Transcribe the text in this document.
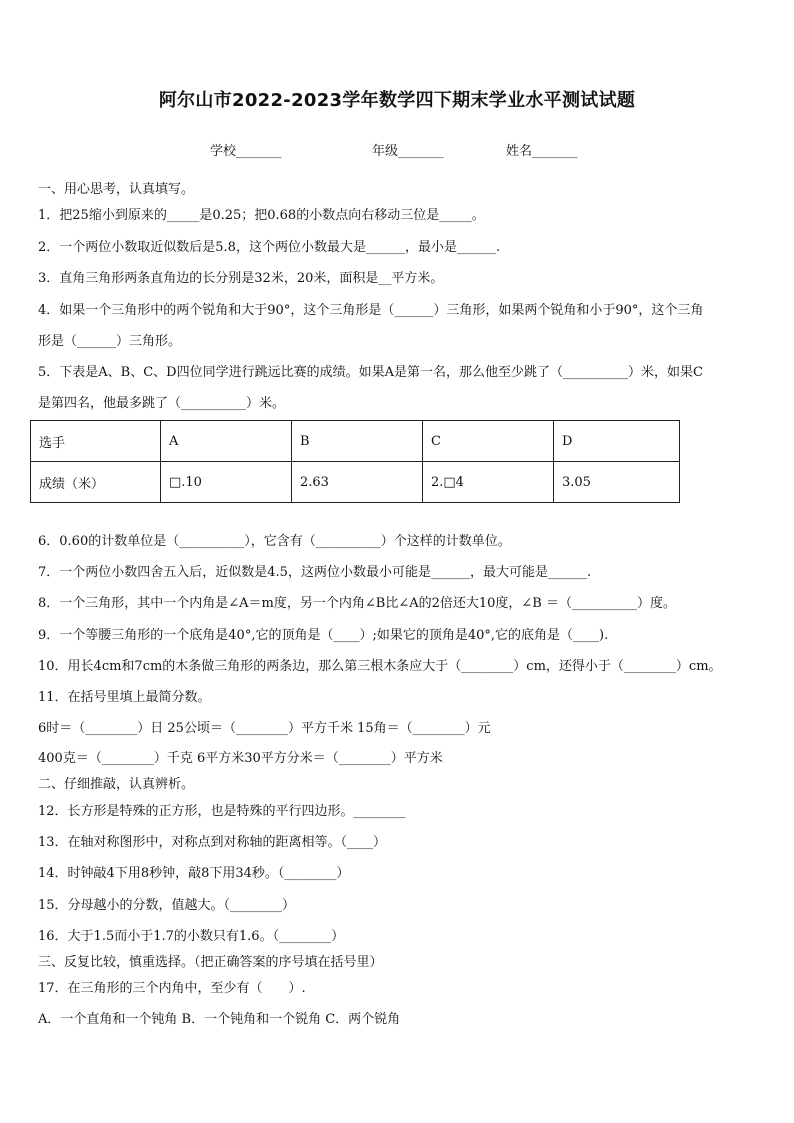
阿尔山市2022-2023学年数学四下期末学业水平测试试题
学校_______	年级_______	姓名_______
一、用心思考，认真填写。
1．把25缩小到原来的_____是0.25；把0.68的小数点向右移动三位是_____。
2．一个两位小数取近似数后是5.8，这个两位小数最大是______，最小是______.
3．直角三角形两条直角边的长分别是32米，20米，面积是__平方米。
4．如果一个三角形中的两个锐角和大于90°，这个三角形是（______）三角形，如果两个锐角和小于90°，这个三角
形是（______）三角形。
5．下表是A、B、C、D四位同学进行跳远比赛的成绩。如果A是第一名，那么他至少跳了（__________）米，如果C
是第四名，他最多跳了（__________）米。
选手	A	B	C	D
成绩（米）	□.10	2.63	2.□4	3.05
6．0.60的计数单位是（__________），它含有（__________）个这样的计数单位。
7．一个两位小数四舍五入后，近似数是4.5，这两位小数最小可能是______，最大可能是______.
8．一个三角形，其中一个内角是∠A＝m度，另一个内角∠B比∠A的2倍还大10度，∠B ＝（__________）度。
9．一个等腰三角形的一个底角是40°,它的顶角是（____）;如果它的顶角是40°,它的底角是（____).
10．用长4cm和7cm的木条做三角形的两条边，那么第三根木条应大于（________）cm，还得小于（________）cm。
11．在括号里填上最简分数。
6时＝（________）日 25公顷＝（________）平方千米 15角＝（________）元
400克＝（________）千克 6平方米30平方分米＝（________）平方米
二、仔细推敲，认真辨析。
12．长方形是特殊的正方形，也是特殊的平行四边形。________
13．在轴对称图形中，对称点到对称轴的距离相等。（____）
14．时钟敲4下用8秒钟，敲8下用34秒。（________）
15．分母越小的分数，值越大。（________）
16．大于1.5而小于1.7的小数只有1.6。（________）
三、反复比较，慎重选择。（把正确答案的序号填在括号里）
17．在三角形的三个内角中，至少有（　　）.
A．一个直角和一个钝角 B．一个钝角和一个锐角 C．两个锐角
